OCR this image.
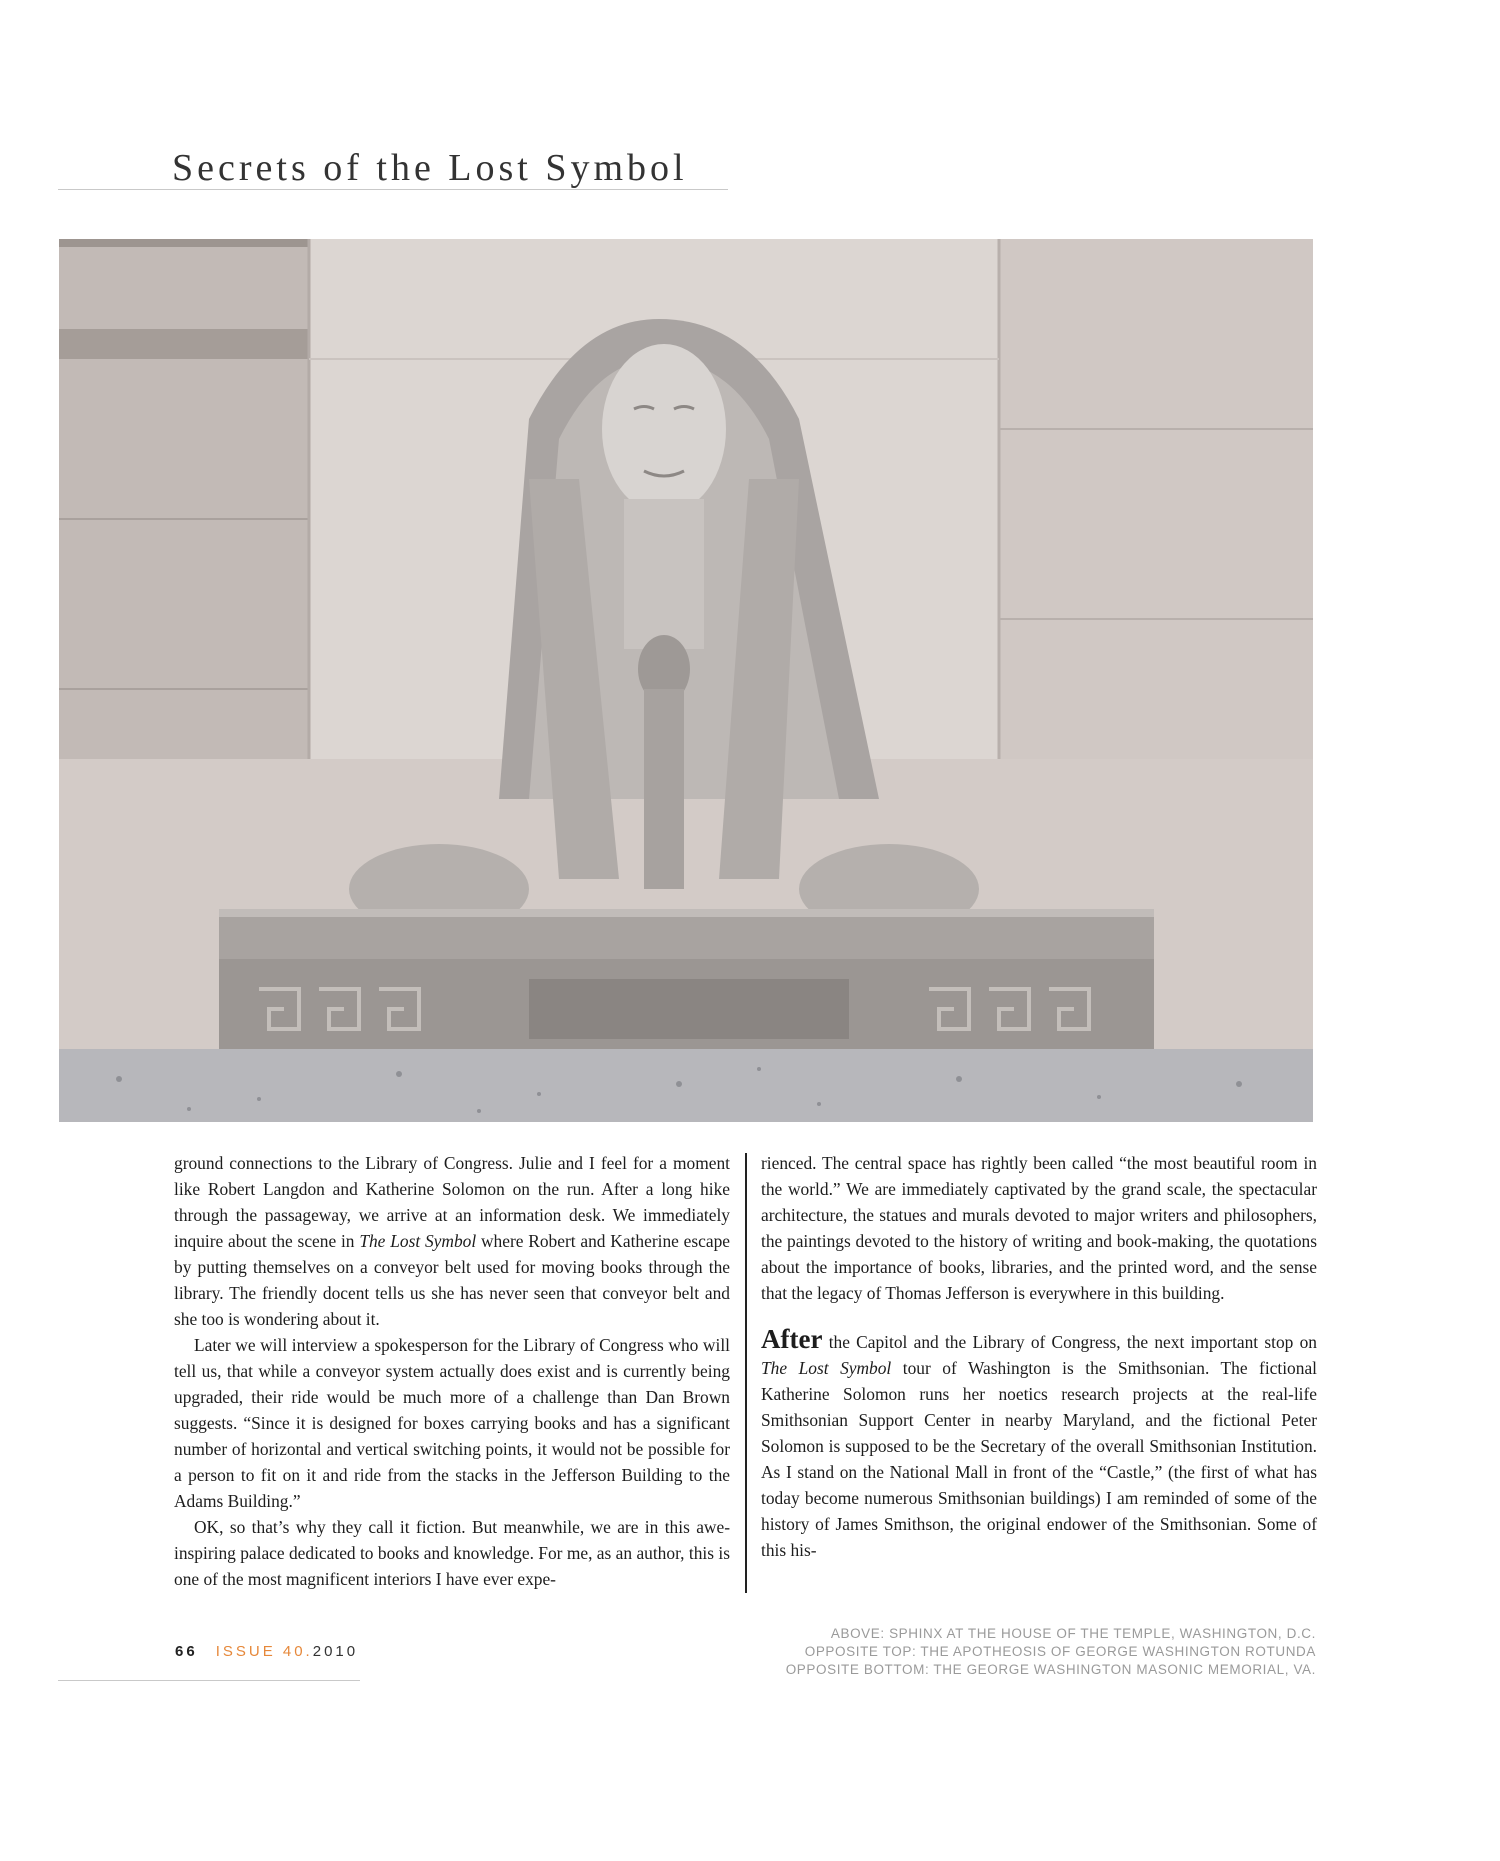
Secrets of the Lost Symbol

ground connections to the Library of Congress. Julie and I feel for a moment like Robert Langdon and Katherine Solomon on the run. After a long hike through the passageway, we arrive at an information desk. We immediately inquire about the scene in The Lost Symbol where Robert and Katherine escape by putting themselves on a conveyor belt used for moving books through the library. The friendly docent tells us she has never seen that conveyor belt and she too is wondering about it.

Later we will interview a spokesperson for the Library of Congress who will tell us, that while a conveyor system actually does exist and is currently being upgraded, their ride would be much more of a challenge than Dan Brown suggests. “Since it is designed for boxes carrying books and has a significant number of horizontal and vertical switching points, it would not be possible for a person to fit on it and ride from the stacks in the Jefferson Building to the Adams Building.”

OK, so that’s why they call it fiction. But meanwhile, we are in this awe-inspiring palace dedicated to books and knowledge. For me, as an author, this is one of the most magnificent interiors I have ever expe-

rienced. The central space has rightly been called “the most beautiful room in the world.” We are immediately captivated by the grand scale, the spectacular architecture, the statues and murals devoted to major writers and philosophers, the paintings devoted to the history of writing and book-making, the quotations about the importance of books, libraries, and the printed word, and the sense that the legacy of Thomas Jefferson is everywhere in this building.

After the Capitol and the Library of Congress, the next important stop on The Lost Symbol tour of Washington is the Smithsonian. The fictional Katherine Solomon runs her noetics research projects at the real-life Smithsonian Support Center in nearby Maryland, and the fictional Peter Solomon is supposed to be the Secretary of the overall Smithsonian Institution. As I stand on the National Mall in front of the “Castle,” (the first of what has today become numerous Smithsonian buildings) I am reminded of some of the history of James Smithson, the original endower of the Smithsonian. Some of this his-

66 ISSUE 40.2010
ABOVE: SPHINX AT THE HOUSE OF THE TEMPLE, WASHINGTON, D.C.
OPPOSITE TOP: THE APOTHEOSIS OF GEORGE WASHINGTON ROTUNDA
OPPOSITE BOTTOM: THE GEORGE WASHINGTON MASONIC MEMORIAL, VA.
